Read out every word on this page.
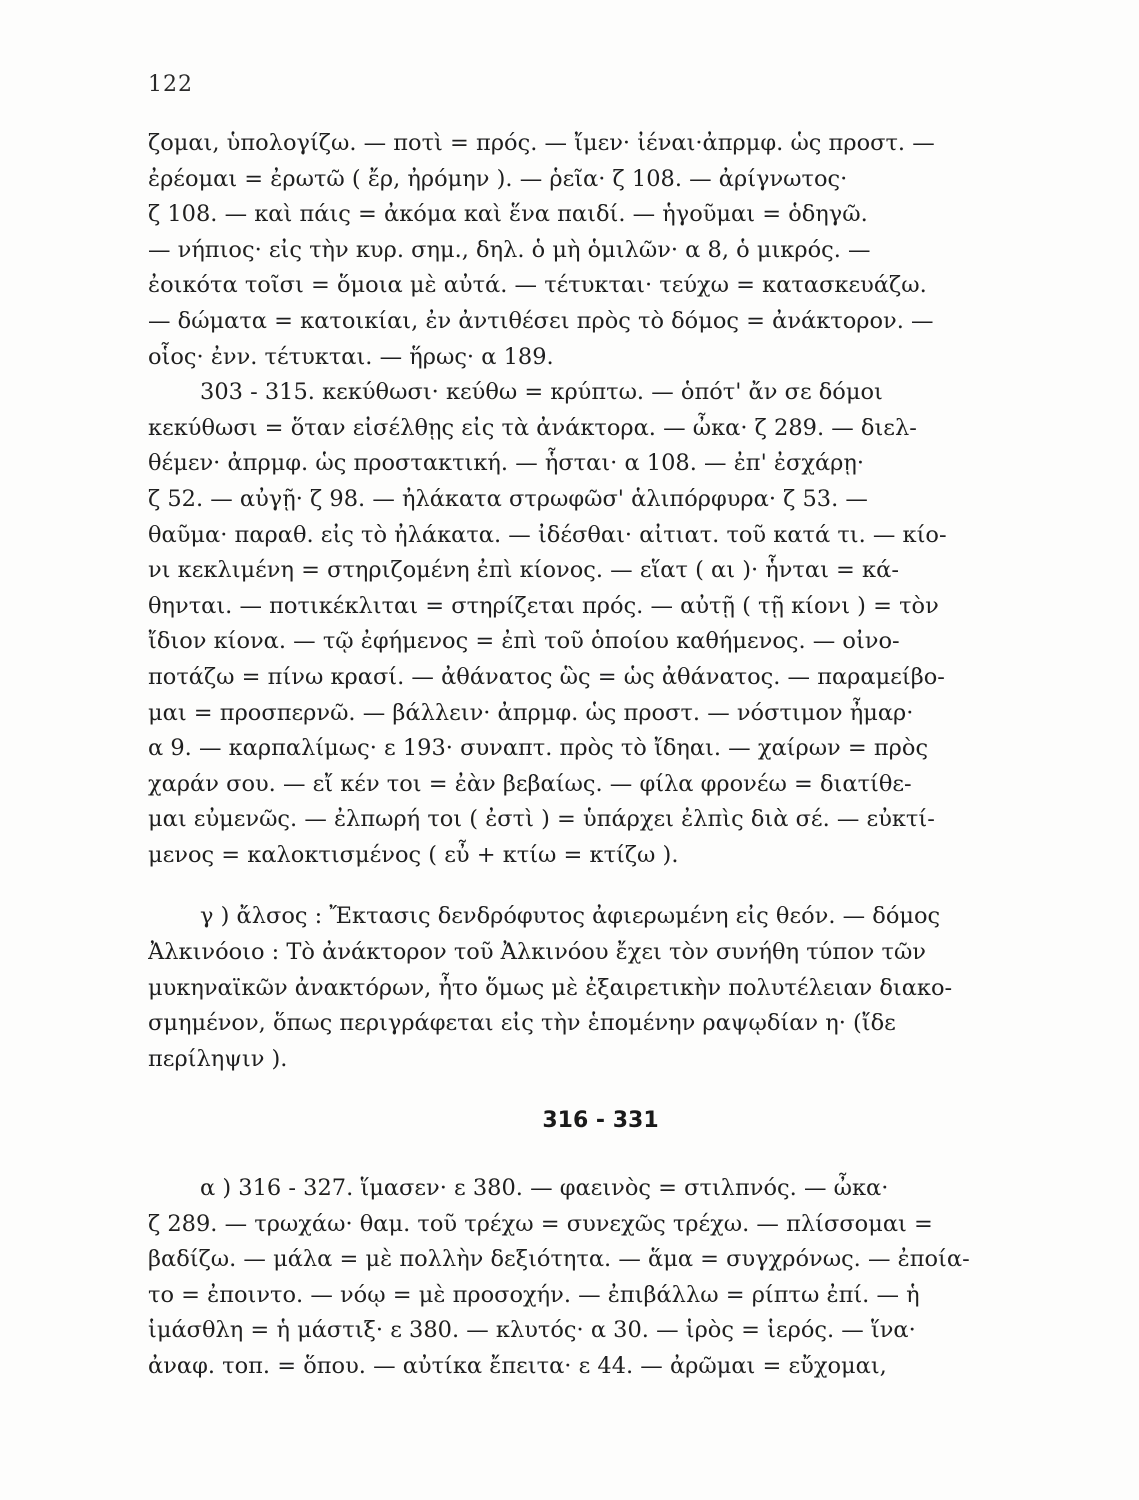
122
ζομαι, ὑπολογίζω. — ποτὶ = πρός. — ἴμεν· ἰέναι·ἀπρμφ. ὡς προστ. —
ἐρέομαι = ἐρωτῶ ( ἔρ, ἠρόμην ). — ῥεῖα· ζ 108. — ἀρίγνωτος·
ζ 108. — καὶ πάις = ἀκόμα καὶ ἕνα παιδί. — ἡγοῦμαι = ὁδηγῶ.
— νήπιος· εἰς τὴν κυρ. σημ., δηλ. ὁ μὴ ὁμιλῶν· α 8, ὁ μικρός. —
ἐοικότα τοῖσι = ὅμοια μὲ αὐτά. — τέτυκται· τεύχω = κατασκευάζω.
— δώματα = κατοικίαι, ἐν ἀντιθέσει πρὸς τὸ δόμος = ἀνάκτορον. —
οἷος· ἐνν. τέτυκται. — ἥρως· α 189.
303 - 315. κεκύθωσι· κεύθω = κρύπτω. — ὁπότ' ἄν σε δόμοι
κεκύθωσι = ὅταν εἰσέλθῃς εἰς τὰ ἀνάκτορα. — ὦκα· ζ 289. — διελ-
θέμεν· ἀπρμφ. ὡς προστακτική. — ἧσται· α 108. — ἐπ' ἐσχάρῃ·
ζ 52. — αὐγῇ· ζ 98. — ἠλάκατα στρωφῶσ' ἁλιπόρφυρα· ζ 53. —
θαῦμα· παραθ. εἰς τὸ ἠλάκατα. — ἰδέσθαι· αἰτιατ. τοῦ κατά τι. — κίο-
νι κεκλιμένη = στηριζομένη ἐπὶ κίονος. — εἵατ ( αι )· ἧνται = κά-
θηνται. — ποτικέκλιται = στηρίζεται πρός. — αὐτῇ ( τῇ κίονι ) = τὸν
ἴδιον κίονα. — τῷ ἐφήμενος = ἐπὶ τοῦ ὁποίου καθήμενος. — οἰνο-
ποτάζω = πίνω κρασί. — ἀθάνατος ὣς = ὡς ἀθάνατος. — παραμείβο-
μαι = προσπερνῶ. — βάλλειν· ἀπρμφ. ὡς προστ. — νόστιμον ἦμαρ·
α 9. — καρπαλίμως· ε 193· συναπτ. πρὸς τὸ ἴδηαι. — χαίρων = πρὸς
χαράν σου. — εἴ κέν τοι = ἐὰν βεβαίως. — φίλα φρονέω = διατίθε-
μαι εὐμενῶς. — ἐλπωρή τοι ( ἐστὶ ) = ὑπάρχει ἐλπὶς διὰ σέ. — εὐκτί-
μενος = καλοκτισμένος ( εὖ + κτίω = κτίζω ).
γ ) ἄλσος : Ἔκτασις δενδρόφυτος ἀφιερωμένη εἰς θεόν. — δόμος
Ἀλκινόοιο : Τὸ ἀνάκτορον τοῦ Ἀλκινόου ἔχει τὸν συνήθη τύπον τῶν
μυκηναϊκῶν ἀνακτόρων, ἦτο ὅμως μὲ ἐξαιρετικὴν πολυτέλειαν διακο-
σμημένον, ὅπως περιγράφεται εἰς τὴν ἑπομένην ραψῳδίαν η· (ἴδε
περίληψιν ).
316 - 331
α ) 316 - 327. ἵμασεν· ε 380. — φαεινὸς = στιλπνός. — ὦκα·
ζ 289. — τρωχάω· θαμ. τοῦ τρέχω = συνεχῶς τρέχω. — πλίσσομαι =
βαδίζω. — μάλα = μὲ πολλὴν δεξιότητα. — ἅμα = συγχρόνως. — ἐποία-
το = ἐποιντο. — νόῳ = μὲ προσοχήν. — ἐπιβάλλω = ρίπτω ἐπί. — ἡ
ἱμάσθλη = ἡ μάστιξ· ε 380. — κλυτός· α 30. — ἱρὸς = ἱερός. — ἵνα·
ἀναφ. τοπ. = ὅπου. — αὐτίκα ἔπειτα· ε 44. — ἀρῶμαι = εὔχομαι,
